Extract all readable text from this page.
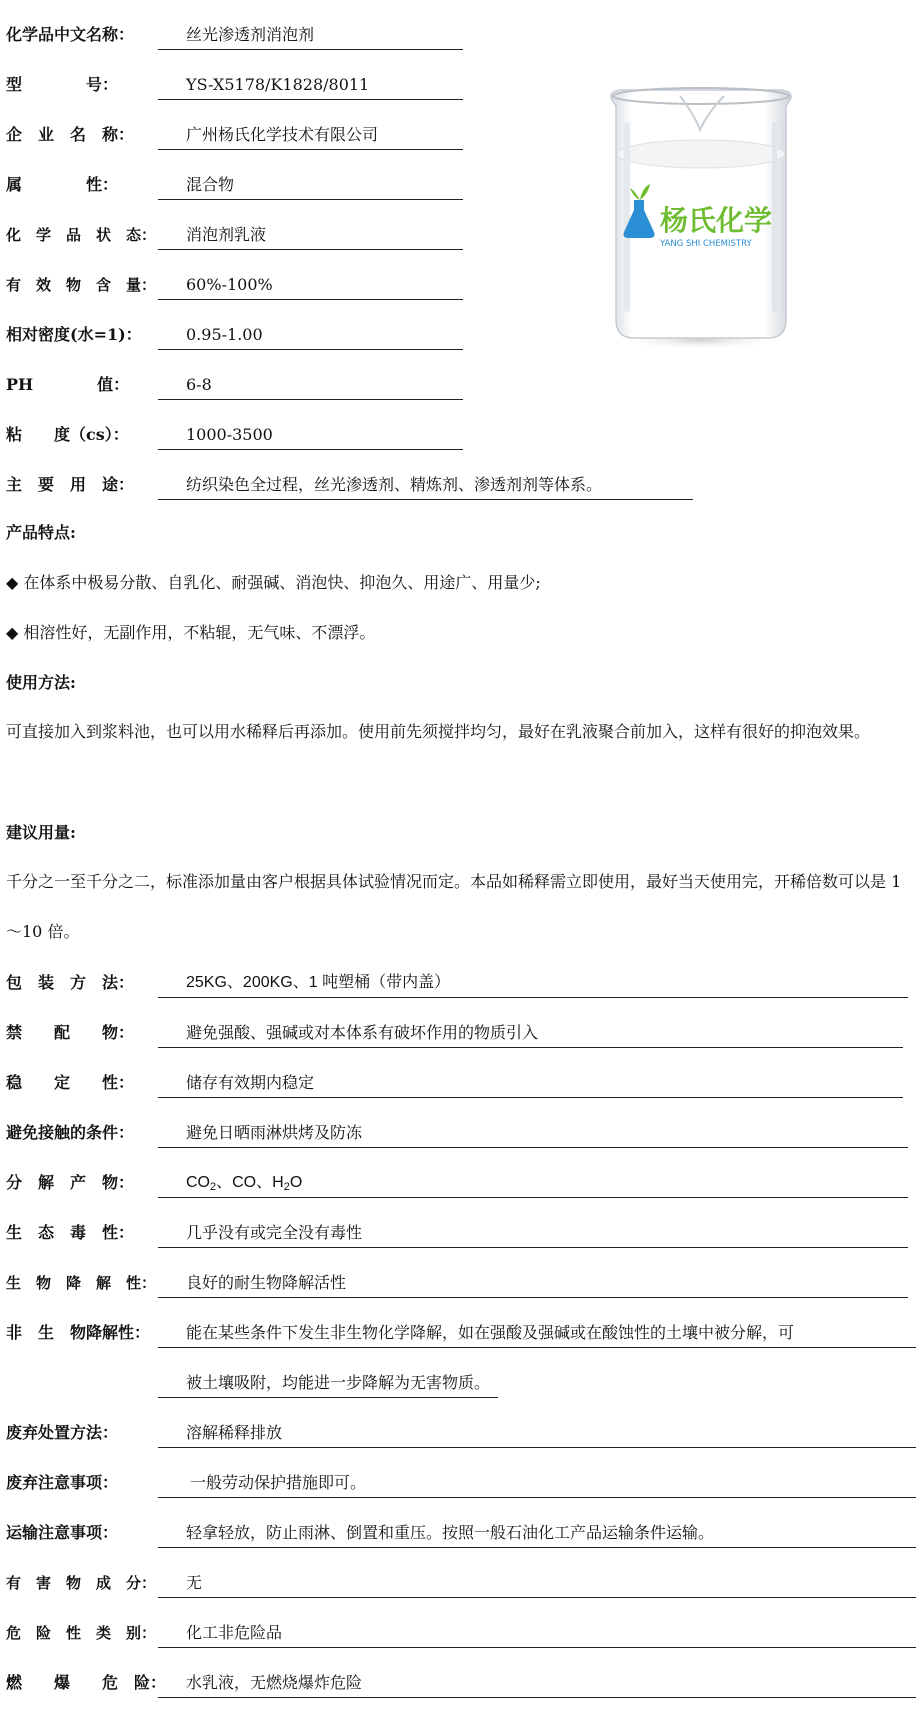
化学品中文名称：	丝光渗透剂消泡剂
型　　　　号：	YS-X5178/K1828/8011
企　业　名　称：	广州杨氏化学技术有限公司
属　　　　性：	混合物
化　学　品　状　态：	消泡剂乳液
有　效　物　含　量：	60%-100%
相对密度(水=1)：	0.95-1.00
PH　　　　值：	6-8
粘　　度（cs）：	1000-3500
主　要　用　途：	纺织染色全过程，丝光渗透剂、精炼剂、渗透剂剂等体系。
杨氏化学
YANG SHI CHEMISTRY
产品特点:
◆ 在体系中极易分散、自乳化、耐强碱、消泡快、抑泡久、用途广、用量少;
◆ 相溶性好，无副作用，不粘辊，无气味、不漂浮。
使用方法:
可直接加入到浆料池，也可以用水稀释后再添加。使用前先须搅拌均匀，最好在乳液聚合前加入，这样有很好的抑泡效果。
建议用量:
千分之一至千分之二，标准添加量由客户根据具体试验情况而定。本品如稀释需立即使用，最好当天使用完，开稀倍数可以是 1～10 倍。
包　装　方　法：	25KG、200KG、1 吨塑桶（带内盖）
禁　　配　　物：	避免强酸、强碱或对本体系有破坏作用的物质引入
稳　　定　　性：	储存有效期内稳定
避免接触的条件：	避免日晒雨淋烘烤及防冻
分　解　产　物：	$CO_2$、CO、$H_2O$
生　态　毒　性：	几乎没有或完全没有毒性
生　物　降　解　性：	良好的耐生物降解活性
非　生　物降解性：	能在某些条件下发生非生物化学降解，如在强酸及强碱或在酸蚀性的土壤中被分解，可
被土壤吸附，均能进一步降解为无害物质。
废弃处置方法：	溶解稀释排放
废弃注意事项：	一般劳动保护措施即可。
运输注意事项：	轻拿轻放，防止雨淋、倒置和重压。按照一般石油化工产品运输条件运输。
有　害　物　成　分：	无
危　险　性　类　别：	化工非危险品
燃　　爆　　危　险：	水乳液，无燃烧爆炸危险
